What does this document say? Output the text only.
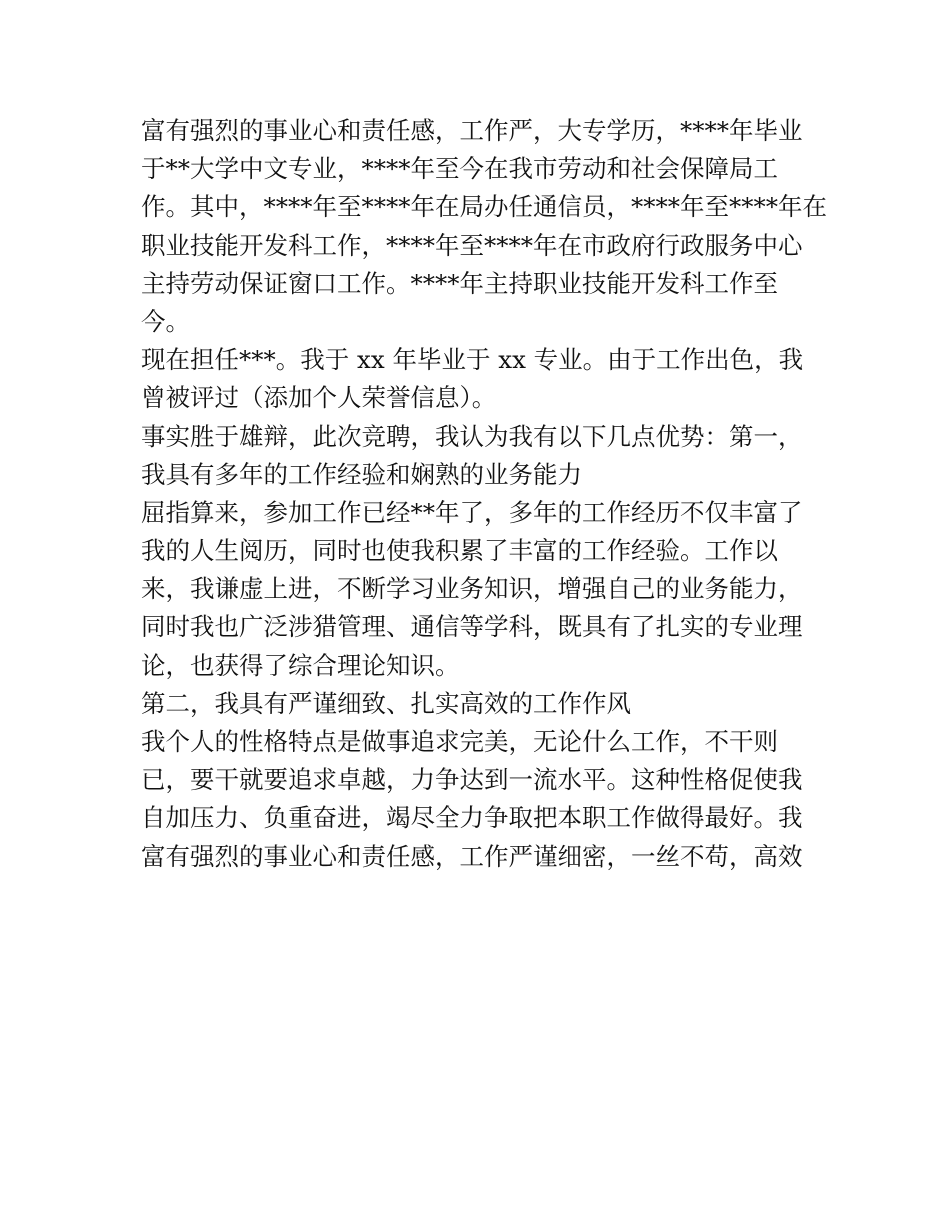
富有强烈的事业心和责任感，工作严，大专学历，****年毕业
于**大学中文专业，****年至今在我市劳动和社会保障局工
作。其中，****年至****年在局办任通信员，****年至****年在
职业技能开发科工作，****年至****年在市政府行政服务中心
主持劳动保证窗口工作。****年主持职业技能开发科工作至
今。
现在担任***。我于 xx 年毕业于 xx 专业。由于工作出色，我
曾被评过（添加个人荣誉信息）。
事实胜于雄辩，此次竞聘，我认为我有以下几点优势：第一，
我具有多年的工作经验和娴熟的业务能力
屈指算来，参加工作已经**年了，多年的工作经历不仅丰富了
我的人生阅历，同时也使我积累了丰富的工作经验。工作以
来，我谦虚上进，不断学习业务知识，增强自己的业务能力，
同时我也广泛涉猎管理、通信等学科，既具有了扎实的专业理
论，也获得了综合理论知识。
第二，我具有严谨细致、扎实高效的工作作风
我个人的性格特点是做事追求完美，无论什么工作，不干则
已，要干就要追求卓越，力争达到一流水平。这种性格促使我
自加压力、负重奋进，竭尽全力争取把本职工作做得最好。我
富有强烈的事业心和责任感，工作严谨细密，一丝不苟，高效
